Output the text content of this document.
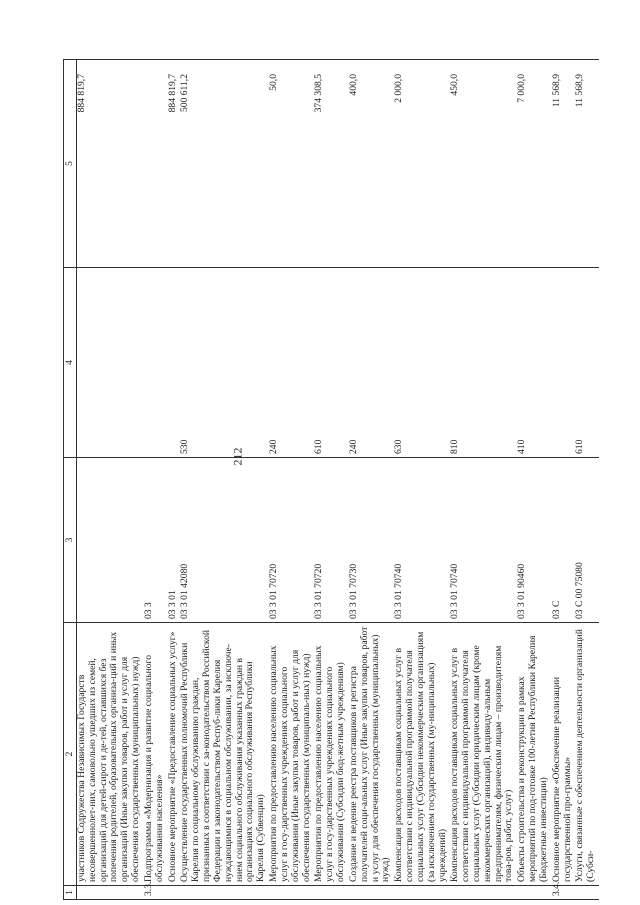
212
1	2	3	4	5
	участников Содружества Независимых Государств несовершеннолет-них, самовольно ушедших из семей, организаций для детей-сирот и де-тей, оставшихся без попечения родителей, образовательных организа-ций и иных организаций (Иные закупки товаров, работ и услуг для обеспечения государственных (муниципальных) нужд)			884 819,7
3.3.	Подпрограмма «Модернизация и развитие социального обслуживания населения»	03 3		
	Основное мероприятие «Предоставление социальных услуг»	03 3 01		884 819,7
	Осуществление государственных полномочий Республики Карелия по социальному обслуживанию граждан, признанных в соответствии с за-конодательством Российской Федерации и законодательством Респуб-лики Карелия нуждающимися в социальном обслуживании, за исключе-нием социального обслуживания указанных граждан в организациях социального обслуживания Республики Карелия (Субвенции)	03 3 01 42080	530	500 611,2
	Мероприятия по предоставлению населению социальных услуг в госу-дарственных учреждениях социального обслуживания (Иные закупки товаров, работ и услуг для обеспечения государственных (муниципаль-ных) нужд)	03 3 01 70720	240	50,0
	Мероприятия по предоставлению населению социальных услуг в госу-дарственных учреждениях социального обслуживания (Субсидии бюд-жетным учреждениям)	03 3 01 70720	610	374 308,5
	Создание и ведение реестра поставщиков и регистра получателей соци-альных услуг (Иные закупки товаров, работ и услуг для обеспечения государственных (муниципальных) нужд)	03 3 01 70730	240	400,0
	Компенсация расходов поставщикам социальных услуг в соответствии с индивидуальной программой получателя социальных услуг (Субсидии некоммерческим организациям (за исключением государственных (му-ниципальных) учреждений)	03 3 01 70740	630	2 000,0
	Компенсация расходов поставщикам социальных услуг в соответствии с индивидуальной программой получателя социальных услуг (Субсидии юридическим лицам (кроме некоммерческих организаций), индивиду-альным предпринимателям, физическим лицам – производителям това-ров, работ, услуг)	03 3 01 70740	810	450,0
	Объекты строительства и реконструкции в рамках мероприятий по под-готовке 100-летия Республики Карелия (Бюджетные инвестиции)	03 3 01 90460	410	7 000,0
3.4.	Основное мероприятие «Обеспечение реализации государственной про-граммы»	03 С		11 568,9
	Услуги, связанные с обеспечением деятельности организаций (Субси-	03 С 00 75080	610	11 568,9
